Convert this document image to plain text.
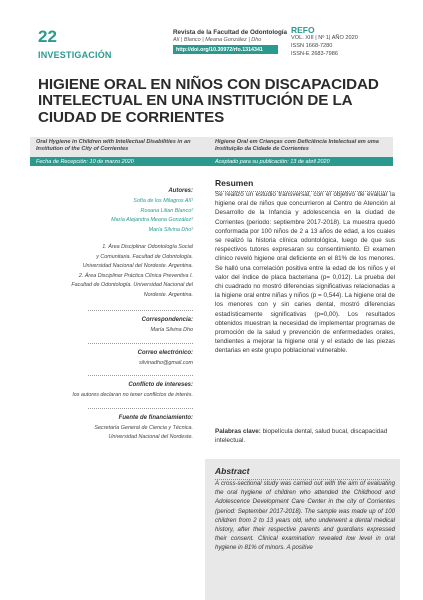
22
INVESTIGACIÓN
Revista de la Facultad de Odontología
Alí | Blanco | Meana González | Dho
http://doi.org/10.30972/rfo.1314341
REFO
VOL. XIII | Nº 1| AÑO 2020
ISSN 1668-7280
ISSN-E 2683-7986
HIGIENE ORAL EN NIÑOS CON DISCAPACIDAD INTELECTUAL EN UNA INSTITUCIÓN DE LA CIUDAD DE CORRIENTES
Oral Hygiene in Children with Intellectual Disabilities in an Institution of the City of Corrientes
Higiene Oral em Crianças com Deficiência Intelectual em uma Instituição da Cidade de Corrientes
Fecha de Recepción: 10 de marzo 2020	Aceptado para su publicación: 13 de abril 2020
Autores:
Sofía de los Milagros Alí¹
Rosana Lilian Blanco²
María Alejandra Meana González²
María Silvina Dho²
1. Área Disciplinar Odontología Social
y Comunitaria. Facultad de Odontología.
Universidad Nacional del Nordeste. Argentina.
2. Área Disciplinar Práctica Clínica Preventiva I.
Facultad de Odontología. Universidad Nacional del
Nordeste. Argentina.
Correspondencia:
María Silvina Dho
Correo electrónico:
silvinadho@gmail.com
Conflicto de intereses:
los autores declaran no tener conflictos de interés.
Fuente de financiamiento:
Secretaría General de Ciencia y Técnica.
Universidad Nacional del Nordeste.
Resumen

Se realizó un estudio transversal, con el objetivo de evaluar la higiene oral de niños que concurrieron al Centro de Atención al Desarrollo de la Infancia y adolescencia en la ciudad de Corrientes (periodo: septiembre 2017-2018). La muestra quedó conformada por 100 niños de 2 a 13 años de edad, a los cuales se realizó la historia clínica odontológica, luego de que sus respectivos tutores expresaran su consentimiento. El examen clínico reveló higiene oral deficiente en el 81% de los menores. Se halló una correlación positiva entre la edad de los niños y el valor del índice de placa bacteriana (p= 0,012). La prueba del chi cuadrado no mostró diferencias significativas relacionadas a la higiene oral entre niñas y niños (p = 0,544). La higiene oral de los menores con y sin caries dental, mostró diferencias estadísticamente significativas (p=0,00). Los resultados obtenidos muestran la necesidad de implementar programas de promoción de la salud y prevención de enfermedades orales, tendientes a mejorar la higiene oral y el estado de las piezas dentarias en este grupo poblacional vulnerable.

Palabras clave: biopelícula dental, salud bucal, discapacidad intelectual.
Abstract

A cross-sectional study was carried out with the aim of evaluating the oral hygiene of children who attended the Childhood and Adolescence Development Care Center in the city of Corrientes (period: September 2017-2018). The sample was made up of 100 children from 2 to 13 years old, who underwent a dental medical history, after their respective parents and guardians expressed their consent. Clinical examination revealed low level in oral hygiene in 81% of minors. A positive
